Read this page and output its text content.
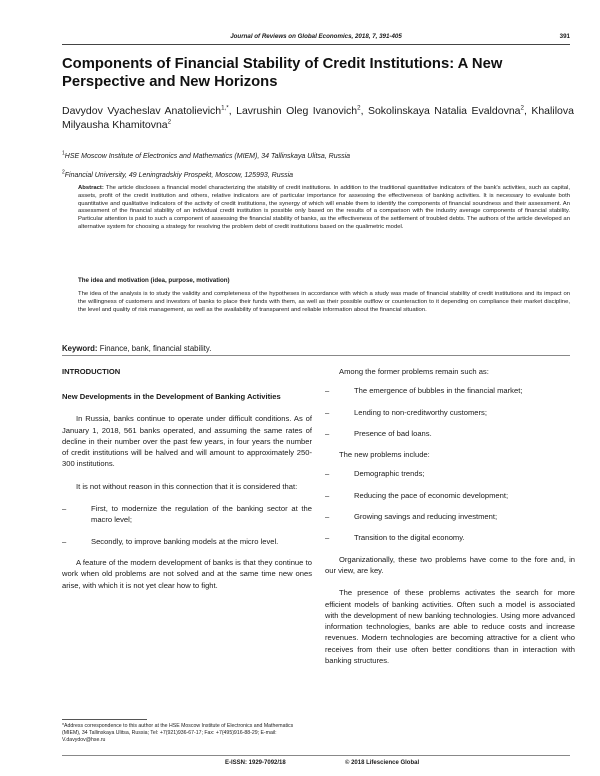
Journal of Reviews on Global Economics, 2018, 7, 391-405	391
Components of Financial Stability of Credit Institutions: A New Perspective and New Horizons
Davydov Vyacheslav Anatolievich$^{1,*}$, Lavrushin Oleg Ivanovich$^2$, Sokolinskaya Natalia Evaldovna$^2$, Khalilova Milyausha Khamitovna$^2$
$^1$HSE Moscow Institute of Electronics and Mathematics (MIEM), 34 Tallinskaya Ulitsa, Russia
$^2$Financial University, 49 Leningradskiy Prospekt, Moscow, 125993, Russia
Abstract: The article discloses a financial model characterizing the stability of credit institutions. In addition to the traditional quantitative indicators of the bank's activities, such as capital, assets, profit of the credit institution and others, relative indicators are of particular importance for assessing the effectiveness of banking activities. It is necessary to evaluate both quantitative and qualitative indicators of the activity of credit institutions, the synergy of which will enable them to identify the components of financial soundness and their assessment. An assessment of the financial stability of an individual credit institution is possible only based on the results of a comparison with the industry average components of financial stability. Particular attention is paid to such a component of assessing the financial stability of banks, as the effectiveness of the settlement of troubled debts. The authors of the article developed an alternative system for choosing a strategy for resolving the problem debt of credit institutions based on the qualimetric model.
The idea and motivation (idea, purpose, motivation)
The idea of the analysis is to study the validity and completeness of the hypotheses in accordance with which a study was made of financial stability of credit institutions and its impact on the willingness of customers and investors of banks to place their funds with them, as well as their possible outflow or counteraction to it depending on compliance their market discipline, the level and quality of risk management, as well as the availability of transparent and reliable information about the financial situation.
Keyword: Finance, bank, financial stability.
INTRODUCTION
New Developments in the Development of Banking Activities

In Russia, banks continue to operate under difficult conditions. As of January 1, 2018, 561 banks operated, and assuming the same rates of decline in their number over the past few years, in four years the number of credit institutions will be halved and will amount to approximately 250-300 institutions.

It is not without reason in this connection that it is considered that:

–	First, to modernize the regulation of the banking sector at the macro level;
–	Secondly, to improve banking models at the micro level.

A feature of the modern development of banks is that they continue to work when old problems are not solved and at the same time new ones arise, with which it is not yet clear how to fight.

Among the former problems remain such as:

–	The emergence of bubbles in the financial market;
–	Lending to non-creditworthy customers;
–	Presence of bad loans.

The new problems include:

–	Demographic trends;
–	Reducing the pace of economic development;
–	Growing savings and reducing investment;
–	Transition to the digital economy.

Organizationally, these two problems have come to the fore and, in our view, are key.

The presence of these problems activates the search for more efficient models of banking activities. Often such a model is associated with the development of new banking technologies. Using more advanced information technologies, banks are able to reduce costs and increase revenues. Modern technologies are becoming attractive for a client who receives from their use often better conditions than in interaction with banking structures.

*Address correspondence to this author at the HSE Moscow Institute of Electronics and Mathematics (MIEM), 34 Tallinskaya Ulitsa, Russia; Tel: +7(921)936-67-17; Fax: +7(495)916-88-29; E-mail: V.davydov@hse.ru
E-ISSN: 1929-7092/18	© 2018 Lifescience Global
